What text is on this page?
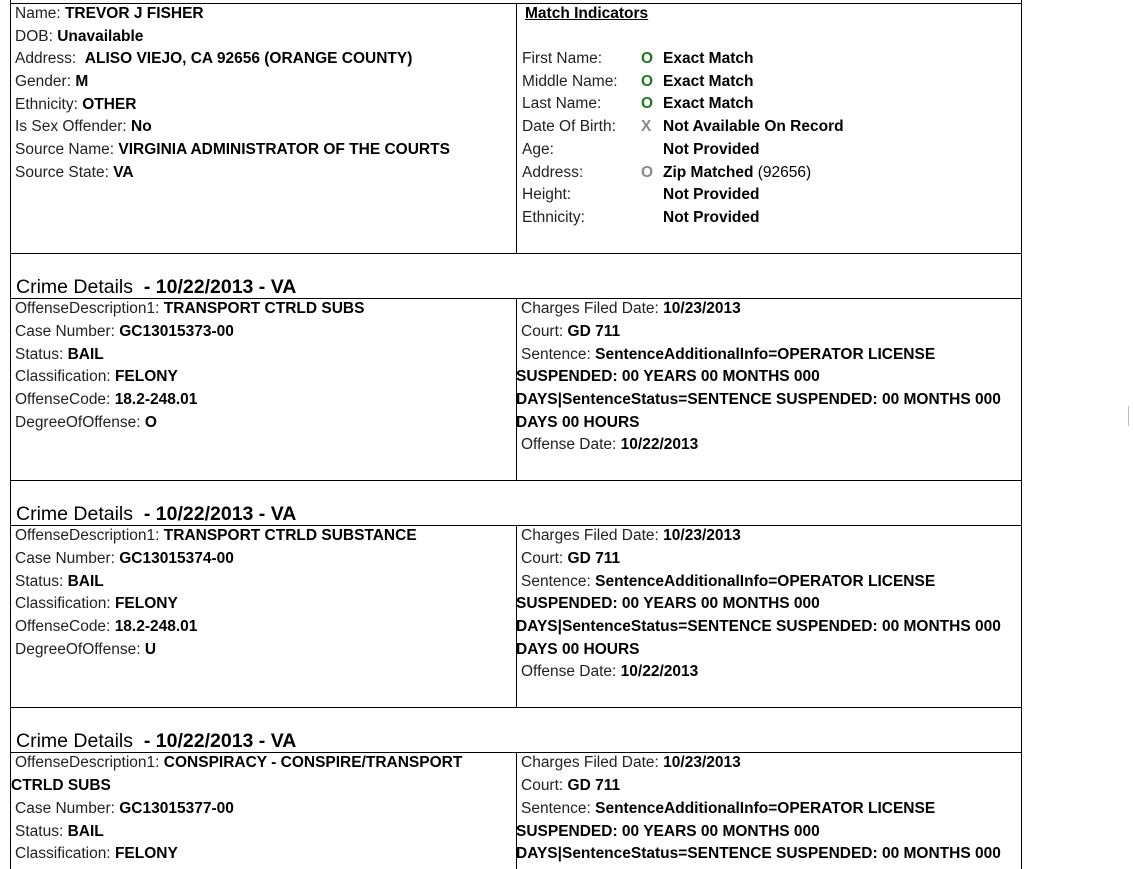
Name: TREVOR J FISHER
DOB: Unavailable
Address: ALISO VIEJO, CA 92656 (ORANGE COUNTY)
Gender: M
Ethnicity: OTHER
Is Sex Offender: No
Source Name: VIRGINIA ADMINISTRATOR OF THE COURTS
Source State: VA
Match Indicators
First Name:	O Exact Match
Middle Name: O Exact Match
Last Name:	O Exact Match
Date Of Birth: X Not Available On Record
Age:	Not Provided
Address:	O Zip Matched (92656)
Height:	Not Provided
Ethnicity:	Not Provided
Crime Details - 10/22/2013 - VA
OffenseDescription1: TRANSPORT CTRLD SUBS
Case Number: GC13015373-00
Status: BAIL
Classification: FELONY
OffenseCode: 18.2-248.01
DegreeOfOffense: O
Charges Filed Date: 10/23/2013
Court: GD 711
Sentence: SentenceAdditionalInfo=OPERATOR LICENSE
SUSPENDED: 00 YEARS 00 MONTHS 000
DAYS|SentenceStatus=SENTENCE SUSPENDED: 00 MONTHS 000
DAYS 00 HOURS
Offense Date: 10/22/2013
Crime Details - 10/22/2013 - VA
OffenseDescription1: TRANSPORT CTRLD SUBSTANCE
Case Number: GC13015374-00
Status: BAIL
Classification: FELONY
OffenseCode: 18.2-248.01
DegreeOfOffense: U
Charges Filed Date: 10/23/2013
Court: GD 711
Sentence: SentenceAdditionalInfo=OPERATOR LICENSE
SUSPENDED: 00 YEARS 00 MONTHS 000
DAYS|SentenceStatus=SENTENCE SUSPENDED: 00 MONTHS 000
DAYS 00 HOURS
Offense Date: 10/22/2013
Crime Details - 10/22/2013 - VA
OffenseDescription1: CONSPIRACY - CONSPIRE/TRANSPORT
CTRLD SUBS
Case Number: GC13015377-00
Status: BAIL
Classification: FELONY
Charges Filed Date: 10/23/2013
Court: GD 711
Sentence: SentenceAdditionalInfo=OPERATOR LICENSE
SUSPENDED: 00 YEARS 00 MONTHS 000
DAYS|SentenceStatus=SENTENCE SUSPENDED: 00 MONTHS 000
